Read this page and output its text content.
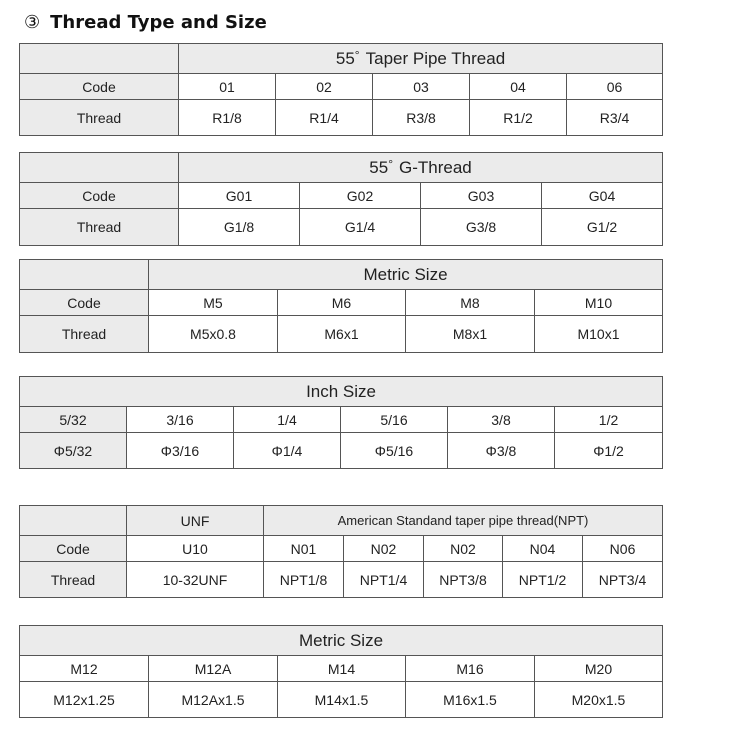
③ Thread Type and Size
	55° Taper Pipe Thread				
Code	01	02	03	04	06
Thread	R1/8	R1/4	R3/8	R1/2	R3/4
	55° G-Thread			
Code	G01	G02	G03	G04
Thread	G1/8	G1/4	G3/8	G1/2
	Metric Size			
Code	M5	M6	M8	M10
Thread	M5x0.8	M6x1	M8x1	M10x1
Inch Size					
5/32	3/16	1/4	5/16	3/8	1/2
Φ5/32	Φ3/16	Φ1/4	Φ5/16	Φ3/8	Φ1/2
	UNF	American Standand taper pipe thread(NPT)				
Code	U10	N01	N02	N02	N04	N06
Thread	10-32UNF	NPT1/8	NPT1/4	NPT3/8	NPT1/2	NPT3/4
Metric Size				
M12	M12A	M14	M16	M20
M12x1.25	M12Ax1.5	M14x1.5	M16x1.5	M20x1.5
